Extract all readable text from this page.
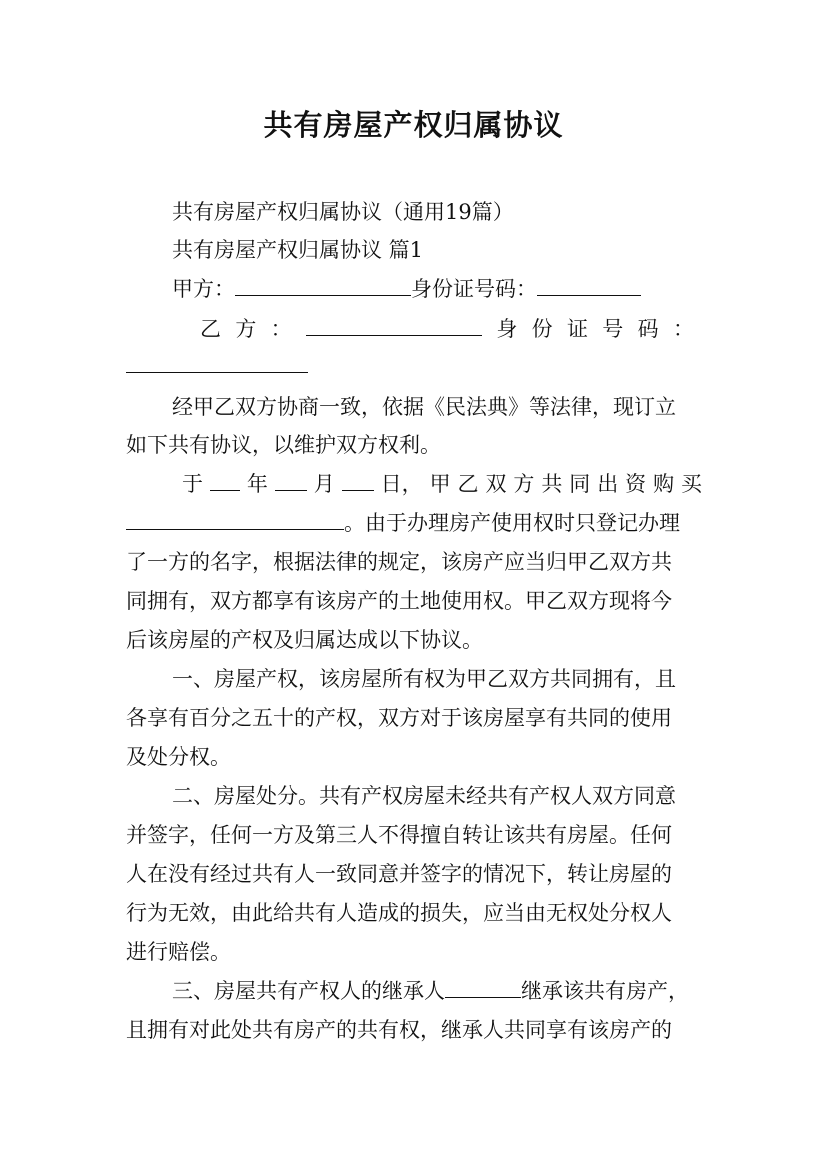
共有房屋产权归属协议
共有房屋产权归属协议（通用19篇）
共有房屋产权归属协议 篇1
甲方：	身份证号码：
乙 方 ：	身 份 证 号 码 ：
经甲乙双方协商一致，依据《民法典》等法律，现订立
如下共有协议，以维护双方权利。
于 年 月 日， 甲 乙 双 方 共 同 出 资 购 买
。由于办理房产使用权时只登记办理
了一方的名字，根据法律的规定，该房产应当归甲乙双方共
同拥有，双方都享有该房产的土地使用权。甲乙双方现将今
后该房屋的产权及归属达成以下协议。
一、房屋产权，该房屋所有权为甲乙双方共同拥有，且
各享有百分之五十的产权，双方对于该房屋享有共同的使用
及处分权。
二、房屋处分。共有产权房屋未经共有产权人双方同意
并签字，任何一方及第三人不得擅自转让该共有房屋。任何
人在没有经过共有人一致同意并签字的情况下，转让房屋的
行为无效，由此给共有人造成的损失，应当由无权处分权人
进行赔偿。
三、房屋共有产权人的继承人	继承该共有房产，
且拥有对此处共有房产的共有权，继承人共同享有该房产的
